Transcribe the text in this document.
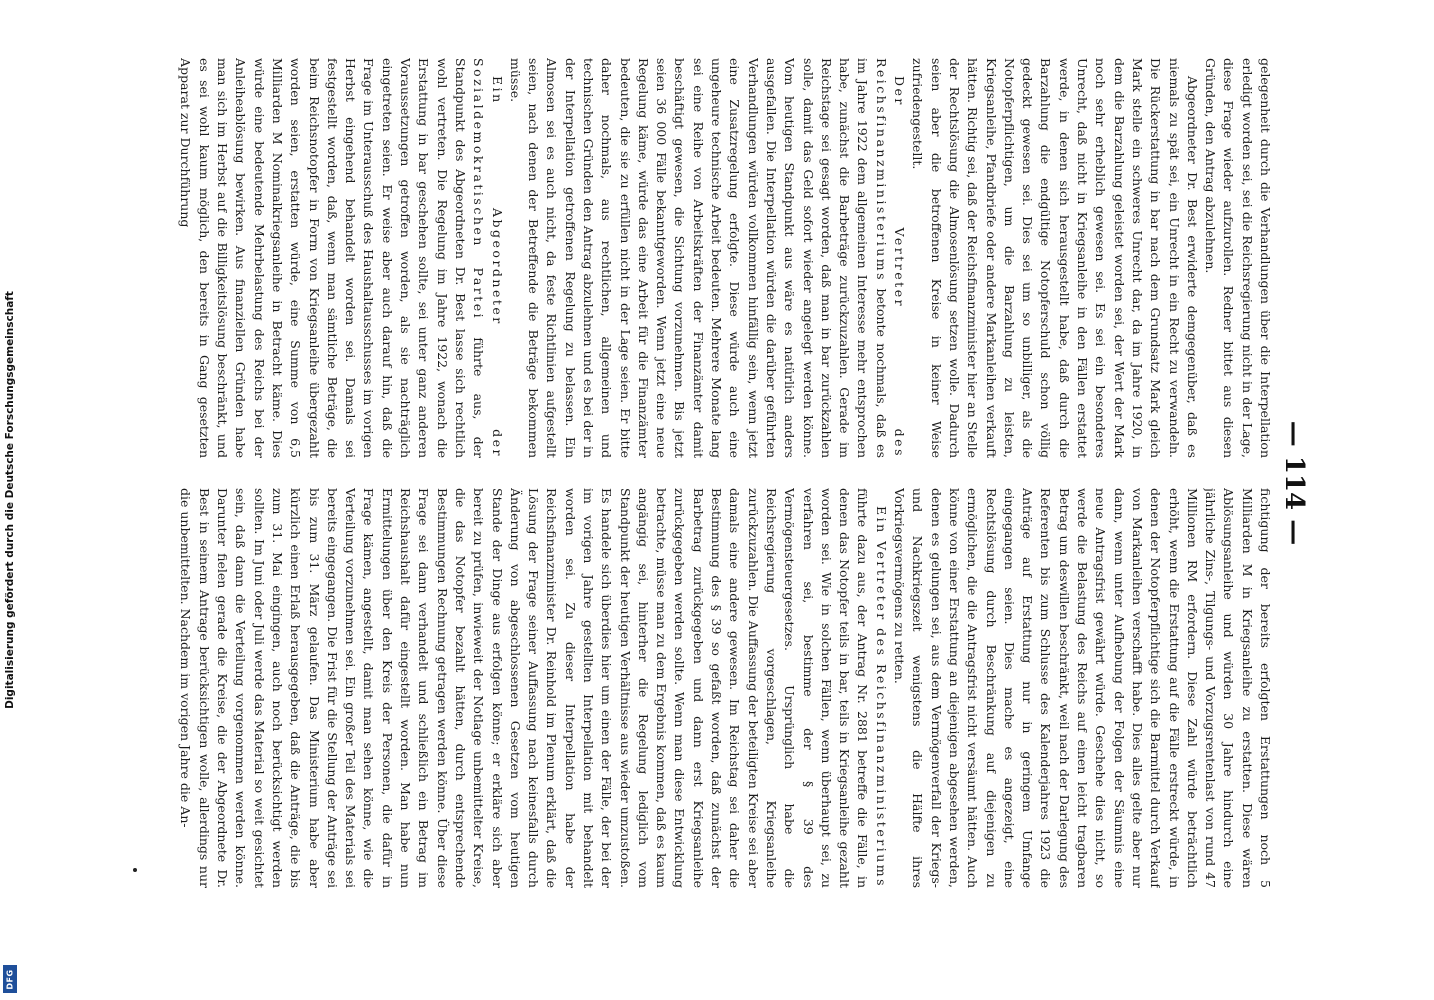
Digitalisierung gefördert durch die Deutsche Forschungsgemeinschaft
DFG
—
114
—

gelegenheit durch die Verhandlungen über die Interpellation erledigt worden sei, sei die Reichsregierung nicht in der Lage, diese Frage wieder aufzurollen. Redner bittet aus diesen Gründen, den Antrag abzulehnen.

Abgeordneter Dr. Best erwiderte demgegenüber, daß es niemals zu spät sei, ein Unrecht in ein Recht zu verwandeln. Die Rückerstattung in bar nach dem Grundsatz Mark gleich Mark stelle ein schweres Unrecht dar, da im Jahre 1920, in dem die Barzahlung geleistet worden sei, der Wert der Mark noch sehr erheblich gewesen sei. Es sei ein besonderes Unrecht, daß nicht in Kriegsanleihe in den Fällen erstattet werde, in denen sich herausgestellt habe, daß durch die Barzahlung die endgültige Notopferschuld schon völlig gedeckt gewesen sei. Dies sei um so unbilliger, als die Notopferpflichtigen, um die Barzahlung zu leisten, Kriegsanleihe, Pfandbriefe oder andere Markanleihen verkauft hätten. Richtig sei, daß der Reichsfinanzminister hier an Stelle der Rechtslösung die Almosenlösung setzen wolle. Dadurch seien aber die betroffenen Kreise in keiner Weise zufriedengestellt.

Der Vertreter des Reichsfinanzministeriums betonte nochmals, daß es im Jahre 1922 dem allgemeinen Interesse mehr entsprochen habe, zunächst die Barbeträge zurückzuzahlen. Gerade im Reichstage sei gesagt worden, daß man in bar zurückzahlen solle, damit das Geld sofort wieder angelegt werden könne. Vom heutigen Standpunkt aus wäre es natürlich anders ausgefallen. Die Interpellation würden die darüber geführten Verhandlungen würden vollkommen hinfällig sein, wenn jetzt eine Zusatzregelung erfolgte. Diese würde auch eine ungeheure technische Arbeit bedeuten. Mehrere Monate lang sei eine Reihe von Arbeitskräften der Finanzämter damit beschäftigt gewesen, die Sichtung vorzunehmen. Bis jetzt seien 36 000 Fälle bekanntgeworden. Wenn jetzt eine neue Regelung käme, würde das eine Arbeit für die Finanzämter bedeuten, die sie zu erfüllen nicht in der Lage seien. Er bitte daher nochmals, aus rechtlichen, allgemeinen und technischen Gründen den Antrag abzulehnen und es bei der in der Interpellation getroffenen Regelung zu belassen. Ein Almosen sei es auch nicht, da feste Richtlinien aufgestellt seien, nach denen der Betreffende die Beträge bekommen müsse.

Ein Abgeordneter der Sozialdemokratischen Partei führte aus, der Standpunkt des Abgeordneten Dr. Best lasse sich rechtlich wohl vertreten. Die Regelung im Jahre 1922, wonach die Erstattung in bar geschehen sollte, sei unter ganz anderen Voraussetzungen getroffen worden, als sie nachträglich eingetreten seien. Er weise aber auch darauf hin, daß die Frage im Unterausschuß des Haushaltausschusses im vorigen Herbst eingehend behandelt worden sei. Damals sei festgestellt worden, daß, wenn man sämtliche Beträge, die beim Reichsnotopfer in Form von Kriegsanleihe übergezahlt worden seien, erstatten würde, eine Summe von 6,5 Milliarden M Nominalkriegsanleihe in Betracht käme. Dies würde eine bedeutende Mehrbelastung des Reichs bei der Anleiheablösung bewirken. Aus finanziellen Gründen habe man sich im Herbst auf die Billigkeitslösung beschränkt, und es sei wohl kaum möglich, den bereits in Gang gesetzten Apparat zur Durchführung

fichtigung der bereits erfolgten Erstattungen noch 5 Milliarden M in Kriegsanleihe zu erstatten. Diese wären Ablösungsanleihe und würden 30 Jahre hindurch eine jährliche Zins-, Tilgungs- und Vorzugsrentenlast von rund 47 Millionen RM erfordern. Diese Zahl würde beträchtlich erhöht, wenn die Erstattung auf die Fälle erstreckt würde, in denen der Notopferpflichtige sich die Barmittel durch Verkauf von Markanleihen verschafft habe. Dies alles gelte aber nur dann, wenn unter Aufhebung der Folgen der Säumnis eine neue Antragsfrist gewährt würde. Geschehe dies nicht, so werde die Belastung des Reichs auf einen leicht tragbaren Betrag um deswillen beschränkt, weil nach der Darlegung des Referenten bis zum Schlusse des Kalenderjahres 1923 die Anträge auf Erstattung nur in geringem Umfange eingegangen seien. Dies mache es angezeigt, eine Rechtslösung durch Beschränkung auf diejenigen zu ermöglichen, die die Antragsfrist nicht versäumt hätten. Auch könne von einer Erstattung an diejenigen abgesehen werden, denen es gelungen sei, aus dem Vermögenverfall der Kriegs- und Nachkriegszeit wenigstens die Hälfte ihres Vorkriegsvermögens zu retten.

Ein Vertreter des Reichsfinanzministeriums führte dazu aus, der Antrag Nr. 2881 betreffe die Fälle, in denen das Notopfer teils in bar, teils in Kriegsanleihe gezahlt worden sei. Wie in solchen Fällen, wenn überhaupt sei, zu verfahren sei, bestimme der § 39 des Vermögensteuergesetzes. Ursprünglich habe die Reichsregierung vorgeschlagen, Kriegsanleihe zurückzuzahlen. Die Auffassung der beteiligten Kreise sei aber damals eine andere gewesen. Im Reichstag sei daher die Bestimmung des § 39 so gefaßt worden, daß zunächst der Barbetrag zurückgegeben und dann erst Kriegsanleihe zurückgegeben werden sollte. Wenn man diese Entwicklung betrachte, müsse man zu dem Ergebnis kommen, daß es kaum angängig sei, hinterher die Regelung lediglich vom Standpunkt der heutigen Verhältnisse aus wieder umzustoßen. Es handele sich überdies hier um einen der Fälle, der bei der im vorigen Jahre gestellten Interpellation mit behandelt worden sei. Zu dieser Interpellation habe der Reichsfinanzminister Dr. Reinhold im Plenum erklärt, daß die Lösung der Frage seiner Auffassung nach keinesfalls durch Änderung von abgeschlossenen Gesetzen vom heutigen Stande der Dinge aus erfolgen könne; er erkläre sich aber bereit zu prüfen, inwieweit der Notlage unbemittelter Kreise, die das Notopfer bezahlt hätten, durch entsprechende Bestimmungen Rechnung getragen werden könne. Über diese Frage sei dann verhandelt und schließlich ein Betrag im Reichshaushalt dafür eingestellt worden. Man habe nun Ermittelungen über den Kreis der Personen, die dafür in Frage kämen, angestellt, damit man sehen könne, wie die Verteilung vorzunehmen sei. Ein großer Teil des Materials sei bereits eingegangen. Die Frist für die Stellung der Anträge sei bis zum 31. März gelaufen. Das Ministerium habe aber kürzlich einen Erlaß herausgegeben, daß die Anträge, die bis zum 31. Mai eingingen, auch noch berücksichtigt werden sollten. Im Juni oder Juli werde das Material so weit gesichtet sein, daß dann die Verteilung vorgenommen werden könne. Darunter fielen gerade die Kreise, die der Abgeordnete Dr. Best in seinem Antrage berücksichtigen wolle, allerdings nur die unbemittelten. Nachdem im vorigen Jahre die An-
